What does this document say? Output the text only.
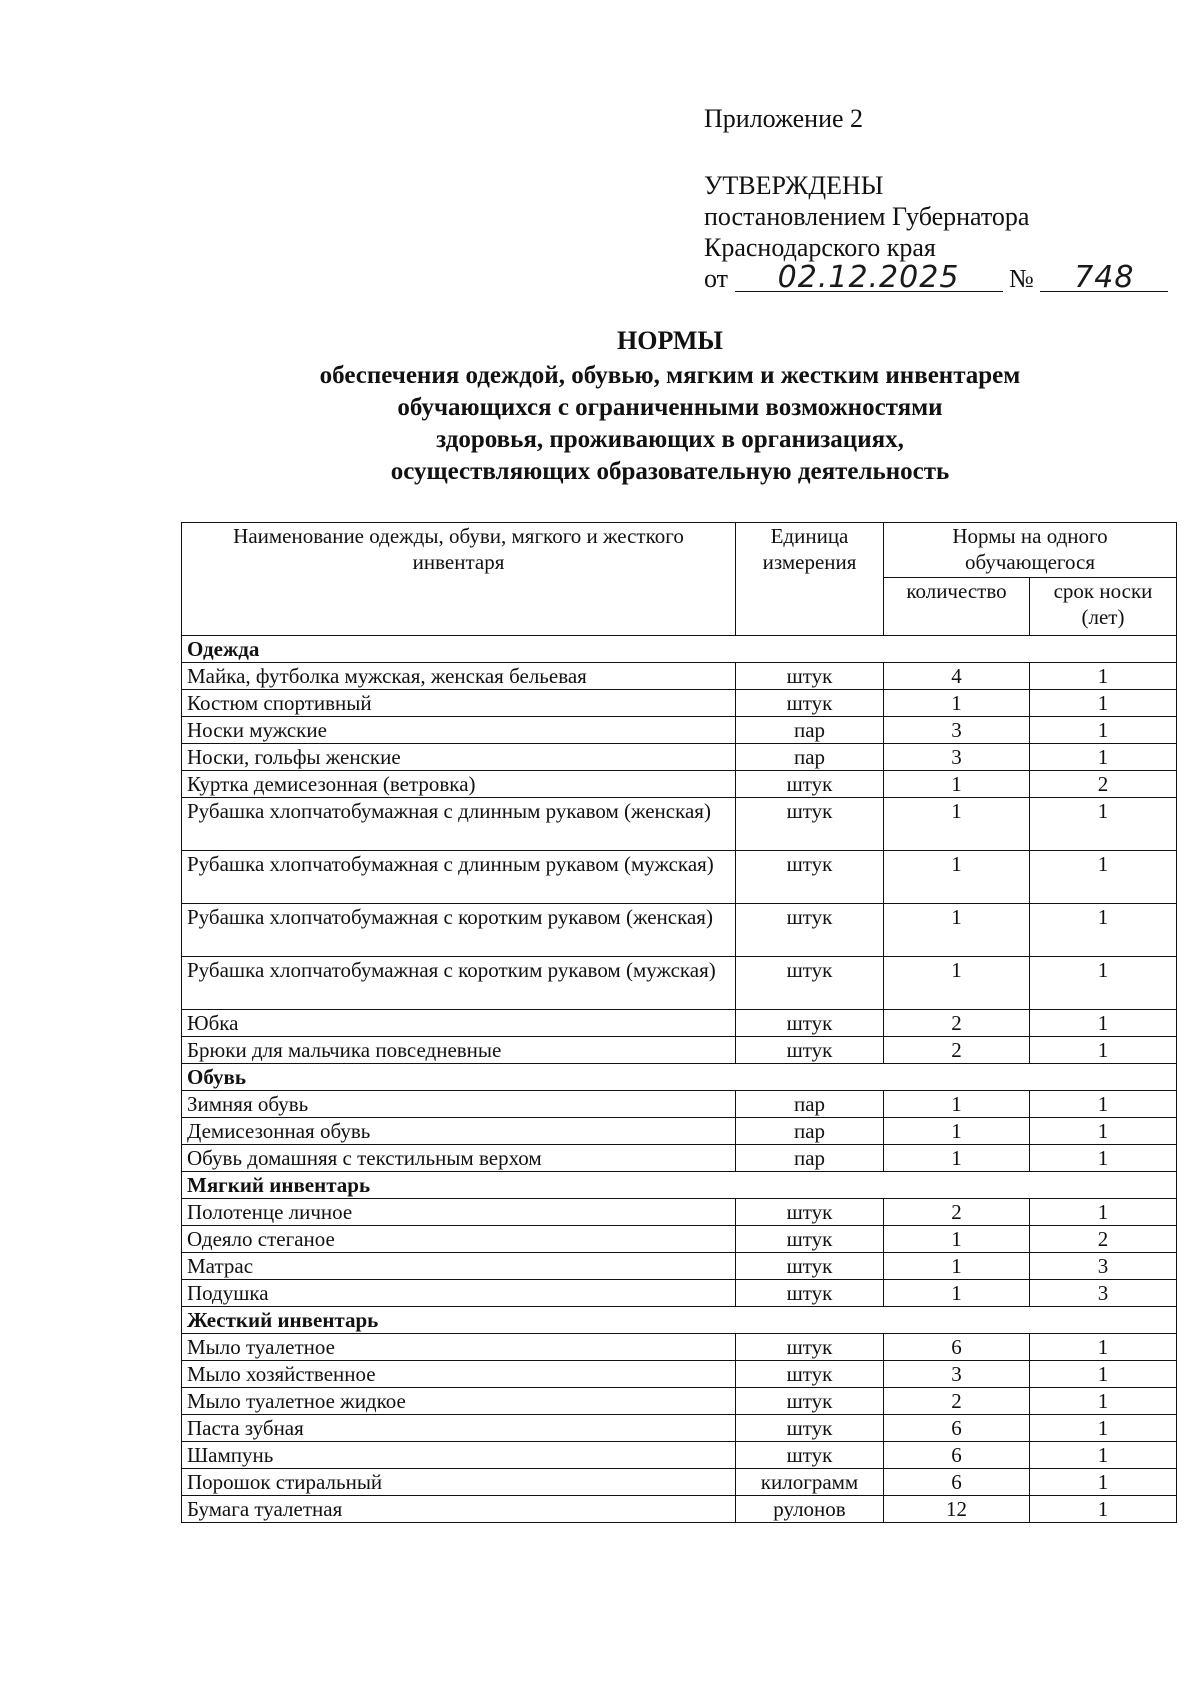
Приложение 2
УТВЕРЖДЕНЫ
постановлением Губернатора
Краснодарского края
от 02.12.2025 № 748
НОРМЫ
обеспечения одеждой, обувью, мягким и жестким инвентарем
обучающихся с ограниченными возможностями
здоровья, проживающих в организациях,
осуществляющих образовательную деятельность
Наименование одежды, обуви, мягкого и жесткого инвентаря	Единица измерения	Нормы на одного обучающегося	
		количество	срок носки (лет)
Одежда			
Майка, футболка мужская, женская бельевая	штук	4	1
Костюм спортивный	штук	1	1
Носки мужские	пар	3	1
Носки, гольфы женские	пар	3	1
Куртка демисезонная (ветровка)	штук	1	2
Рубашка хлопчатобумажная с длинным рукавом (женская)	штук	1	1
Рубашка хлопчатобумажная с длинным рукавом (мужская)	штук	1	1
Рубашка хлопчатобумажная с коротким рукавом (женская)	штук	1	1
Рубашка хлопчатобумажная с коротким рукавом (мужская)	штук	1	1
Юбка	штук	2	1
Брюки для мальчика повседневные	штук	2	1
Обувь			
Зимняя обувь	пар	1	1
Демисезонная обувь	пар	1	1
Обувь домашняя с текстильным верхом	пар	1	1
Мягкий инвентарь			
Полотенце личное	штук	2	1
Одеяло стеганое	штук	1	2
Матрас	штук	1	3
Подушка	штук	1	3
Жесткий инвентарь			
Мыло туалетное	штук	6	1
Мыло хозяйственное	штук	3	1
Мыло туалетное жидкое	штук	2	1
Паста зубная	штук	6	1
Шампунь	штук	6	1
Порошок стиральный	килограмм	6	1
Бумага туалетная	рулонов	12	1
